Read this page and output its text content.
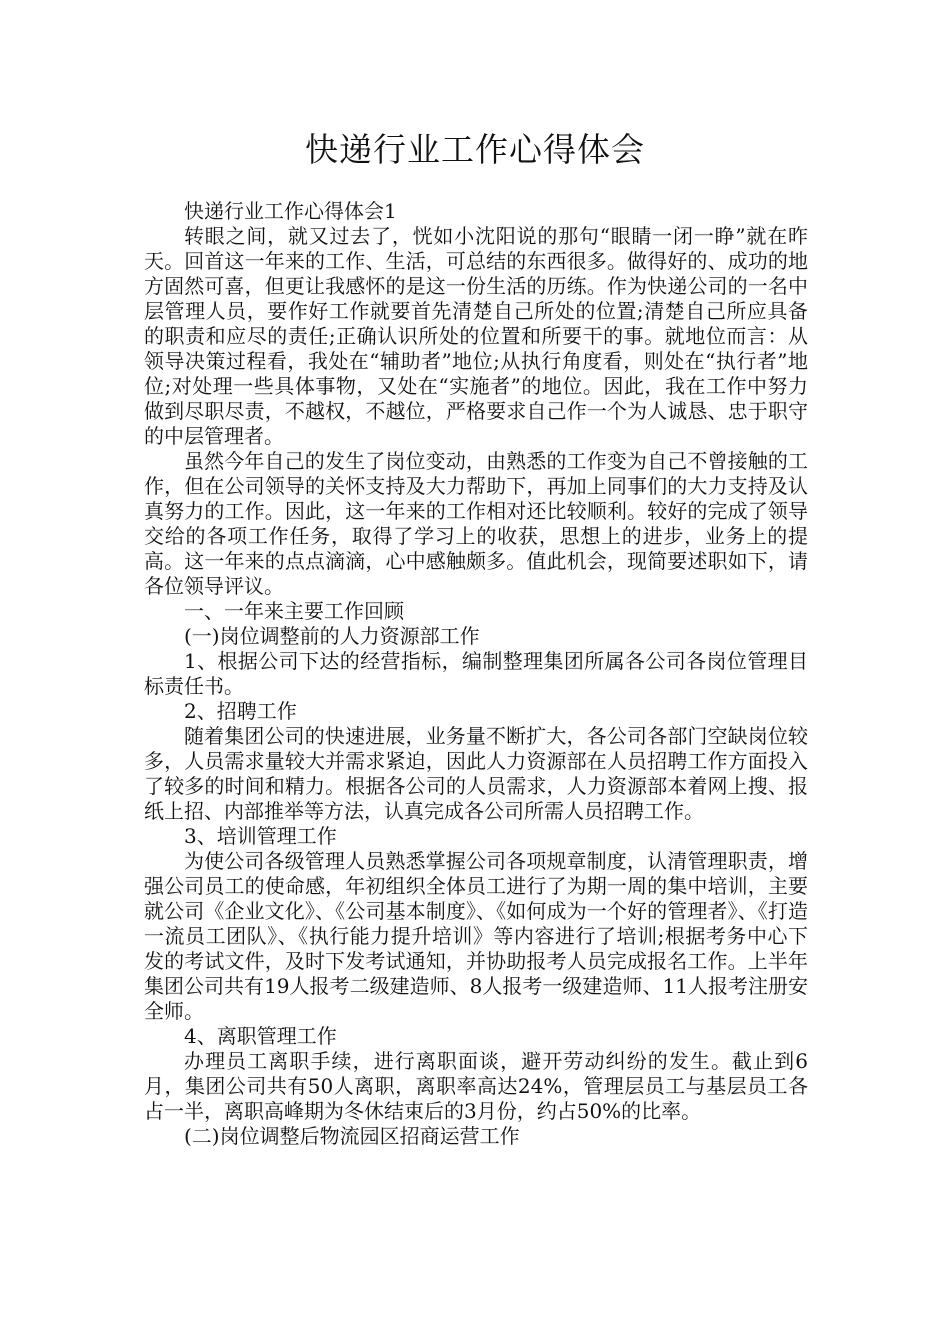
快递行业工作心得体会

快递行业工作心得体会1

转眼之间，就又过去了，恍如小沈阳说的那句“眼睛一闭一睁”就在昨天。回首这一年来的工作、生活，可总结的东西很多。做得好的、成功的地方固然可喜，但更让我感怀的是这一份生活的历练。作为快递公司的一名中层管理人员，要作好工作就要首先清楚自己所处的位置;清楚自己所应具备的职责和应尽的责任;正确认识所处的位置和所要干的事。就地位而言：从领导决策过程看，我处在“辅助者”地位;从执行角度看，则处在“执行者”地位;对处理一些具体事物，又处在“实施者”的地位。因此，我在工作中努力做到尽职尽责，不越权，不越位，严格要求自己作一个为人诚恳、忠于职守的中层管理者。

虽然今年自己的发生了岗位变动，由熟悉的工作变为自己不曾接触的工作，但在公司领导的关怀支持及大力帮助下，再加上同事们的大力支持及认真努力的工作。因此，这一年来的工作相对还比较顺利。较好的完成了领导交给的各项工作任务，取得了学习上的收获，思想上的进步，业务上的提高。这一年来的点点滴滴，心中感触颇多。值此机会，现简要述职如下，请各位领导评议。

一、一年来主要工作回顾

(一)岗位调整前的人力资源部工作

1、根据公司下达的经营指标，编制整理集团所属各公司各岗位管理目标责任书。

2、招聘工作

随着集团公司的快速进展，业务量不断扩大，各公司各部门空缺岗位较多，人员需求量较大并需求紧迫，因此人力资源部在人员招聘工作方面投入了较多的时间和精力。根据各公司的人员需求，人力资源部本着网上搜、报纸上招、内部推举等方法，认真完成各公司所需人员招聘工作。

3、培训管理工作

为使公司各级管理人员熟悉掌握公司各项规章制度，认清管理职责，增强公司员工的使命感，年初组织全体员工进行了为期一周的集中培训，主要就公司《企业文化》、《公司基本制度》、《如何成为一个好的管理者》、《打造一流员工团队》、《执行能力提升培训》等内容进行了培训;根据考务中心下发的考试文件，及时下发考试通知，并协助报考人员完成报名工作。上半年集团公司共有19人报考二级建造师、8人报考一级建造师、11人报考注册安全师。

4、离职管理工作

办理员工离职手续，进行离职面谈，避开劳动纠纷的发生。截止到6月，集团公司共有50人离职，离职率高达24%，管理层员工与基层员工各占一半，离职高峰期为冬休结束后的3月份，约占50%的比率。

(二)岗位调整后物流园区招商运营工作
